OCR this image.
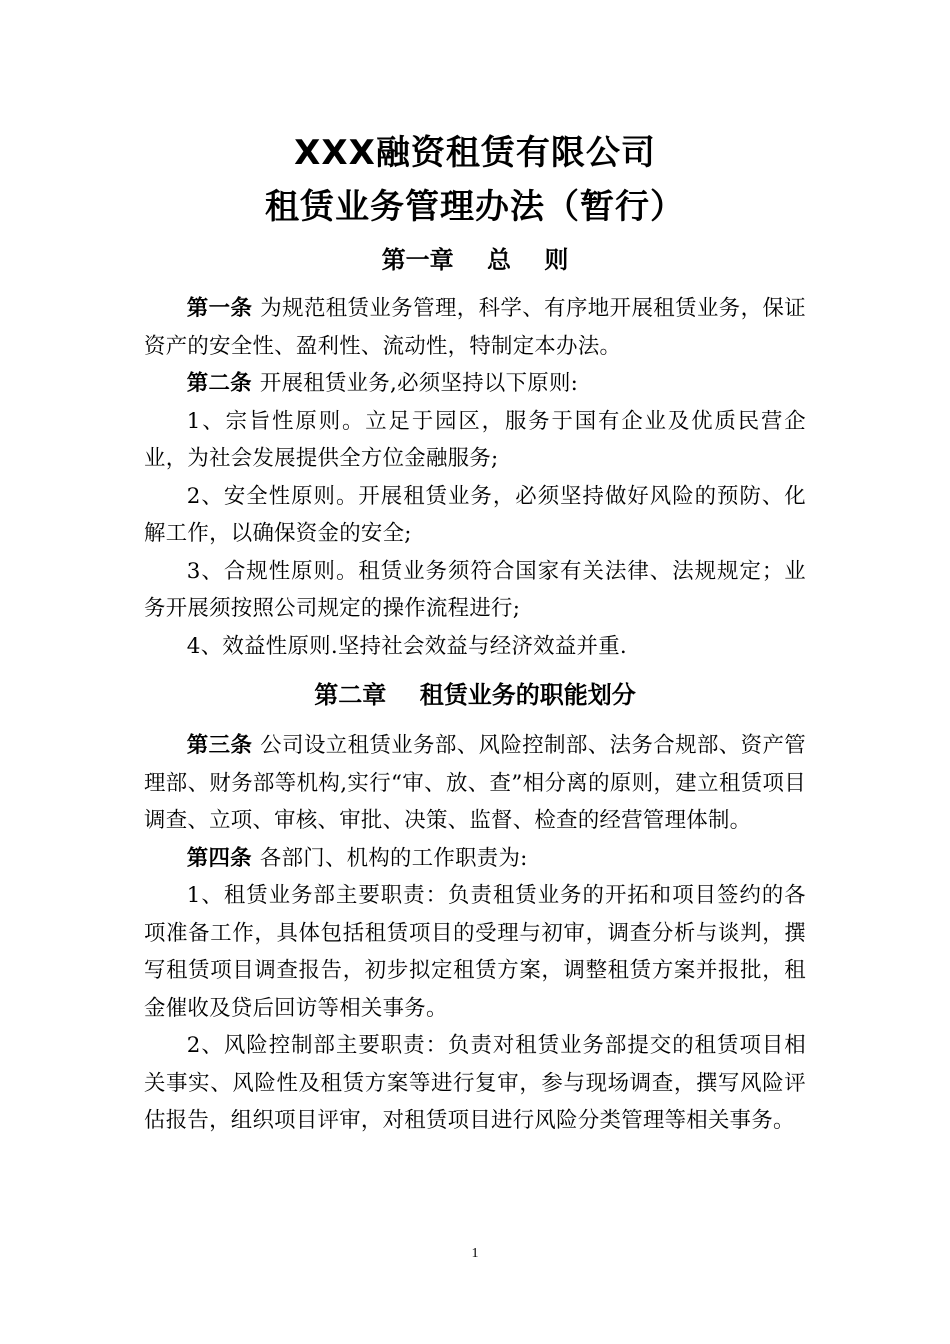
XXX融资租赁有限公司
租赁业务管理办法（暂行）
第一章    总    则

第一条 为规范租赁业务管理，科学、有序地开展租赁业务，保证资产的安全性、盈利性、流动性，特制定本办法。

第二条 开展租赁业务,必须坚持以下原则:

1、宗旨性原则。立足于园区，服务于国有企业及优质民营企业，为社会发展提供全方位金融服务;

2、安全性原则。开展租赁业务，必须坚持做好风险的预防、化解工作，以确保资金的安全;

3、合规性原则。租赁业务须符合国家有关法律、法规规定；业务开展须按照公司规定的操作流程进行;

4、效益性原则.坚持社会效益与经济效益并重.

第二章    租赁业务的职能划分

第三条 公司设立租赁业务部、风险控制部、法务合规部、资产管理部、财务部等机构,实行“审、放、查”相分离的原则，建立租赁项目调查、立项、审核、审批、决策、监督、检查的经营管理体制。

第四条 各部门、机构的工作职责为:

1、租赁业务部主要职责：负责租赁业务的开拓和项目签约的各项准备工作，具体包括租赁项目的受理与初审，调查分析与谈判，撰写租赁项目调查报告，初步拟定租赁方案，调整租赁方案并报批，租金催收及贷后回访等相关事务。

2、风险控制部主要职责：负责对租赁业务部提交的租赁项目相关事实、风险性及租赁方案等进行复审，参与现场调查，撰写风险评估报告，组织项目评审，对租赁项目进行风险分类管理等相关事务。

1
